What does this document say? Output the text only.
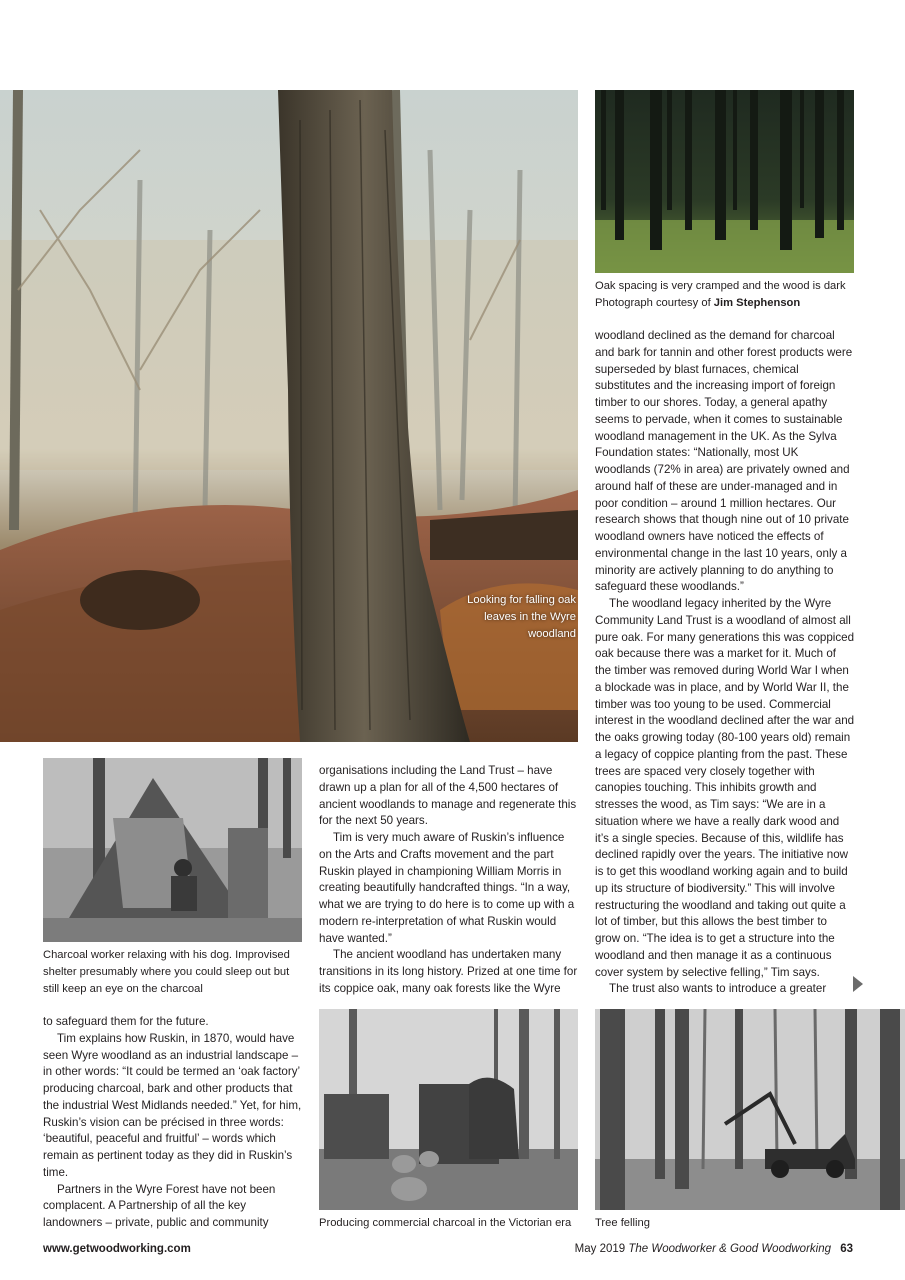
Looking for falling oak leaves in the Wyre woodland
Oak spacing is very cramped and the wood is dark
Photograph courtesy of Jim Stephenson

woodland declined as the demand for charcoal and bark for tannin and other forest products were superseded by blast furnaces, chemical substitutes and the increasing import of foreign timber to our shores. Today, a general apathy seems to pervade, when it comes to sustainable woodland management in the UK. As the Sylva Foundation states: “Nationally, most UK woodlands (72% in area) are privately owned and around half of these are under-managed and in poor condition – around 1 million hectares. Our research shows that though nine out of 10 private woodland owners have noticed the effects of environmental change in the last 10 years, only a minority are actively planning to do anything to safeguard these woodlands.”

The woodland legacy inherited by the Wyre Community Land Trust is a woodland of almost all pure oak. For many generations this was coppiced oak because there was a market for it. Much of the timber was removed during World War I when a blockade was in place, and by World War II, the timber was too young to be used. Commercial interest in the woodland declined after the war and the oaks growing today (80-100 years old) remain a legacy of coppice planting from the past. These trees are spaced very closely together with canopies touching. This inhibits growth and stresses the wood, as Tim says: “We are in a situation where we have a really dark wood and it’s a single species. Because of this, wildlife has declined rapidly over the years. The initiative now is to get this woodland working again and to build up its structure of biodiversity.” This will involve restructuring the woodland and taking out quite a lot of timber, but this allows the best timber to grow on. “The idea is to get a structure into the woodland and then manage it as a continuous cover system by selective felling,” Tim says.

The trust also wants to introduce a greater

Charcoal worker relaxing with his dog. Improvised shelter presumably where you could sleep out but still keep an eye on the charcoal

organisations including the Land Trust – have drawn up a plan for all of the 4,500 hectares of ancient woodlands to manage and regenerate this for the next 50 years.

Tim is very much aware of Ruskin’s influence on the Arts and Crafts movement and the part Ruskin played in championing William Morris in creating beautifully handcrafted things. “In a way, what we are trying to do here is to come up with a modern re-interpretation of what Ruskin would have wanted.”

The ancient woodland has undertaken many transitions in its long history. Prized at one time for its coppice oak, many oak forests like the Wyre

to safeguard them for the future.

Tim explains how Ruskin, in 1870, would have seen Wyre woodland as an industrial landscape – in other words: “It could be termed an ‘oak factory’ producing charcoal, bark and other products that the industrial West Midlands needed.” Yet, for him, Ruskin’s vision can be précised in three words: ‘beautiful, peaceful and fruitful’ – words which remain as pertinent today as they did in Ruskin’s time.

Partners in the Wyre Forest have not been complacent. A Partnership of all the key landowners – private, public and community	Producing commercial charcoal in the Victorian era	Tree felling
www.getwoodworking.com	May 2019 The Woodworker & Good Woodworking 63
